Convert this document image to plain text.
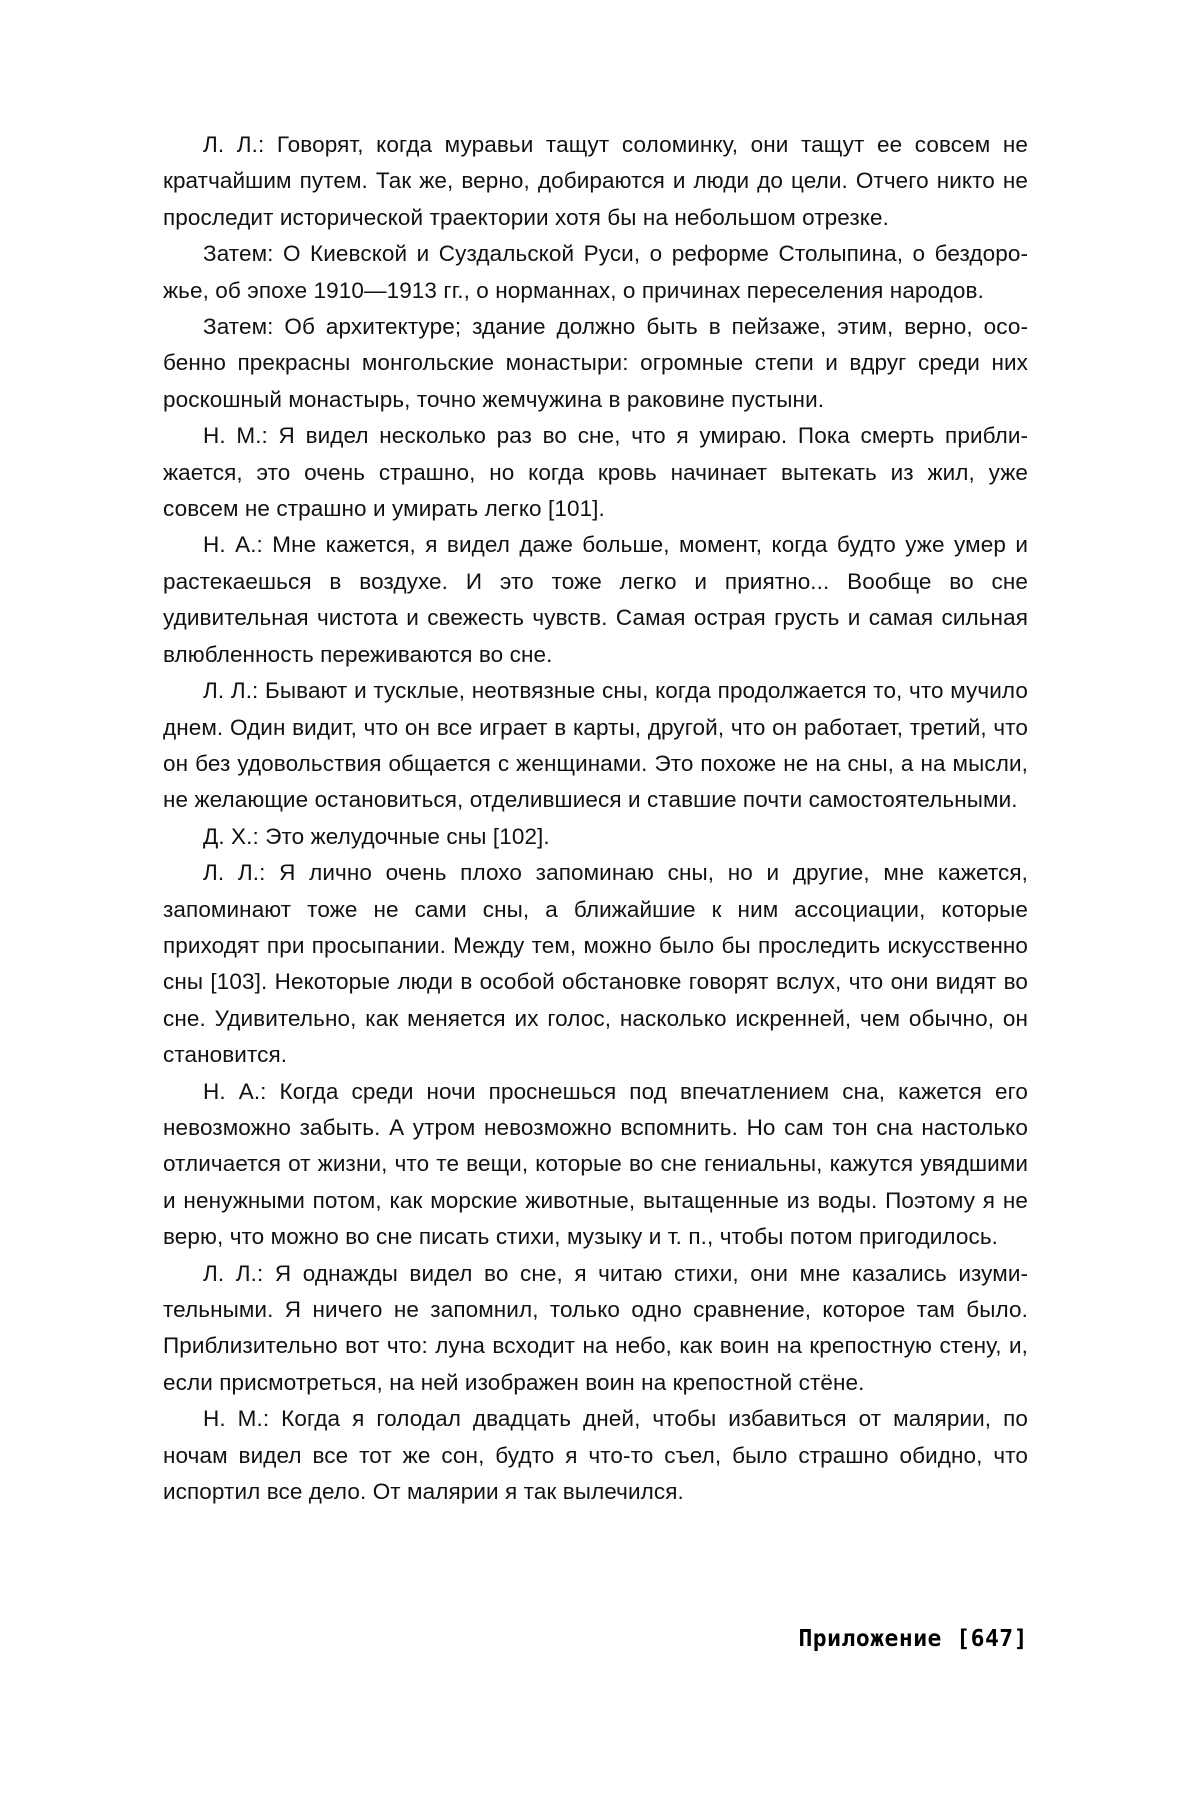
Л. Л.: Говорят, когда муравьи тащут соломинку, они тащут ее совсем не кратчайшим путем. Так же, верно, добираются и люди до цели. Отчего никто не проследит исторической траектории хотя бы на небольшом отрезке.

Затем: О Киевской и Суздальской Руси, о реформе Столыпина, о бездорожье, об эпохе 1910—1913 гг., о норманнах, о причинах переселения народов.

Затем: Об архитектуре; здание должно быть в пейзаже, этим, верно, особенно прекрасны монгольские монастыри: огромные степи и вдруг среди них роскошный монастырь, точно жемчужина в раковине пустыни.

Н. М.: Я видел несколько раз во сне, что я умираю. Пока смерть приближается, это очень страшно, но когда кровь начинает вытекать из жил, уже совсем не страшно и умирать легко [101].

Н. А.: Мне кажется, я видел даже больше, момент, когда будто уже умер и растекаешься в воздухе. И это тоже легко и приятно... Вообще во сне удивительная чистота и свежесть чувств. Самая острая грусть и самая сильная влюбленность переживаются во сне.

Л. Л.: Бывают и тусклые, неотвязные сны, когда продолжается то, что мучило днем. Один видит, что он все играет в карты, другой, что он работает, третий, что он без удовольствия общается с женщинами. Это похоже не на сны, а на мысли, не желающие остановиться, отделившиеся и ставшие почти самостоятельными.

Д. Х.: Это желудочные сны [102].

Л. Л.: Я лично очень плохо запоминаю сны, но и другие, мне кажется, запоминают тоже не сами сны, а ближайшие к ним ассоциации, которые приходят при просыпании. Между тем, можно было бы проследить искусственно сны [103]. Некоторые люди в особой обстановке говорят вслух, что они видят во сне. Удивительно, как меняется их голос, насколько искренней, чем обычно, он становится.

Н. А.: Когда среди ночи проснешься под впечатлением сна, кажется его невозможно забыть. А утром невозможно вспомнить. Но сам тон сна настолько отличается от жизни, что те вещи, которые во сне гениальны, кажутся увядшими и ненужными потом, как морские животные, вытащенные из воды. Поэтому я не верю, что можно во сне писать стихи, музыку и т. п., чтобы потом пригодилось.

Л. Л.: Я однажды видел во сне, я читаю стихи, они мне казались изумительными. Я ничего не запомнил, только одно сравнение, которое там было. Приблизительно вот что: луна всходит на небо, как воин на крепостную стену, и, если присмотреться, на ней изображен воин на крепостной стёне.

Н. М.: Когда я голодал двадцать дней, чтобы избавиться от малярии, по ночам видел все тот же сон, будто я что-то съел, было страшно обидно, что испортил все дело. От малярии я так вылечился.

Приложение [647]
